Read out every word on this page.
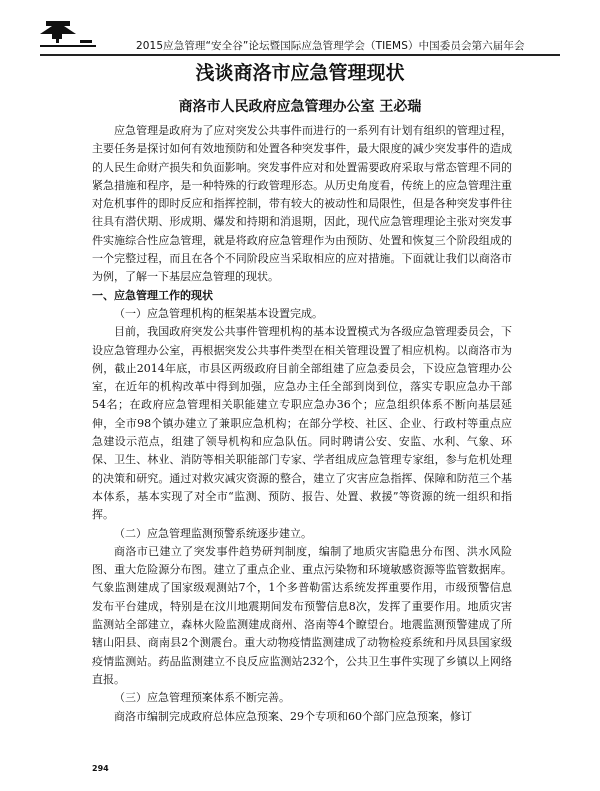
2015应急管理“安全谷”论坛暨国际应急管理学会（TIEMS）中国委员会第六届年会
浅谈商洛市应急管理现状
商洛市人民政府应急管理办公室 王必瑞

应急管理是政府为了应对突发公共事件而进行的一系列有计划有组织的管理过程，主要任务是探讨如何有效地预防和处置各种突发事件，最大限度的减少突发事件的造成的人民生命财产损失和负面影响。突发事件应对和处置需要政府采取与常态管理不同的紧急措施和程序，是一种特殊的行政管理形态。从历史角度看，传统上的应急管理注重对危机事件的即时反应和指挥控制，带有较大的被动性和局限性，但是各种突发事件往往具有潜伏期、形成期、爆发和持期和消退期，因此，现代应急管理理论主张对突发事件实施综合性应急管理，就是将政府应急管理作为由预防、处置和恢复三个阶段组成的一个完整过程，而且在各个不同阶段应当采取相应的应对措施。下面就让我们以商洛市为例，了解一下基层应急管理的现状。

一、应急管理工作的现状

（一）应急管理机构的框架基本设置完成。

目前，我国政府突发公共事件管理机构的基本设置模式为各级应急管理委员会，下设应急管理办公室，再根据突发公共事件类型在相关管理设置了相应机构。以商洛市为例，截止2014年底，市县区两级政府目前全部组建了应急委员会，下设应急管理办公室，在近年的机构改革中得到加强，应急办主任全部到岗到位，落实专职应急办干部54名；在政府应急管理相关职能建立专职应急办36个；应急组织体系不断向基层延伸，全市98个镇办建立了兼职应急机构；在部分学校、社区、企业、行政村等重点应急建设示范点，组建了领导机构和应急队伍。同时聘请公安、安监、水利、气象、环保、卫生、林业、消防等相关职能部门专家、学者组成应急管理专家组，参与危机处理的决策和研究。通过对救灾减灾资源的整合，建立了灾害应急指挥、保障和防范三个基本体系，基本实现了对全市“监测、预防、报告、处置、救援”等资源的统一组织和指挥。

（二）应急管理监测预警系统逐步建立。

商洛市已建立了突发事件趋势研判制度，编制了地质灾害隐患分布图、洪水风险图、重大危险源分布图。建立了重点企业、重点污染物和环境敏感资源等监管数据库。气象监测建成了国家级观测站7个，1个多普勒雷达系统发挥重要作用，市级预警信息发布平台建成，特别是在汶川地震期间发布预警信息8次，发挥了重要作用。地质灾害监测站全部建立，森林火险监测建成商州、洛南等4个瞭望台。地震监测预警建成了所辖山阳县、商南县2个测震台。重大动物疫情监测建成了动物检疫系统和丹凤县国家级疫情监测站。药品监测建立不良反应监测站232个，公共卫生事件实现了乡镇以上网络直报。

（三）应急管理预案体系不断完善。

商洛市编制完成政府总体应急预案、29个专项和60个部门应急预案，修订

294
